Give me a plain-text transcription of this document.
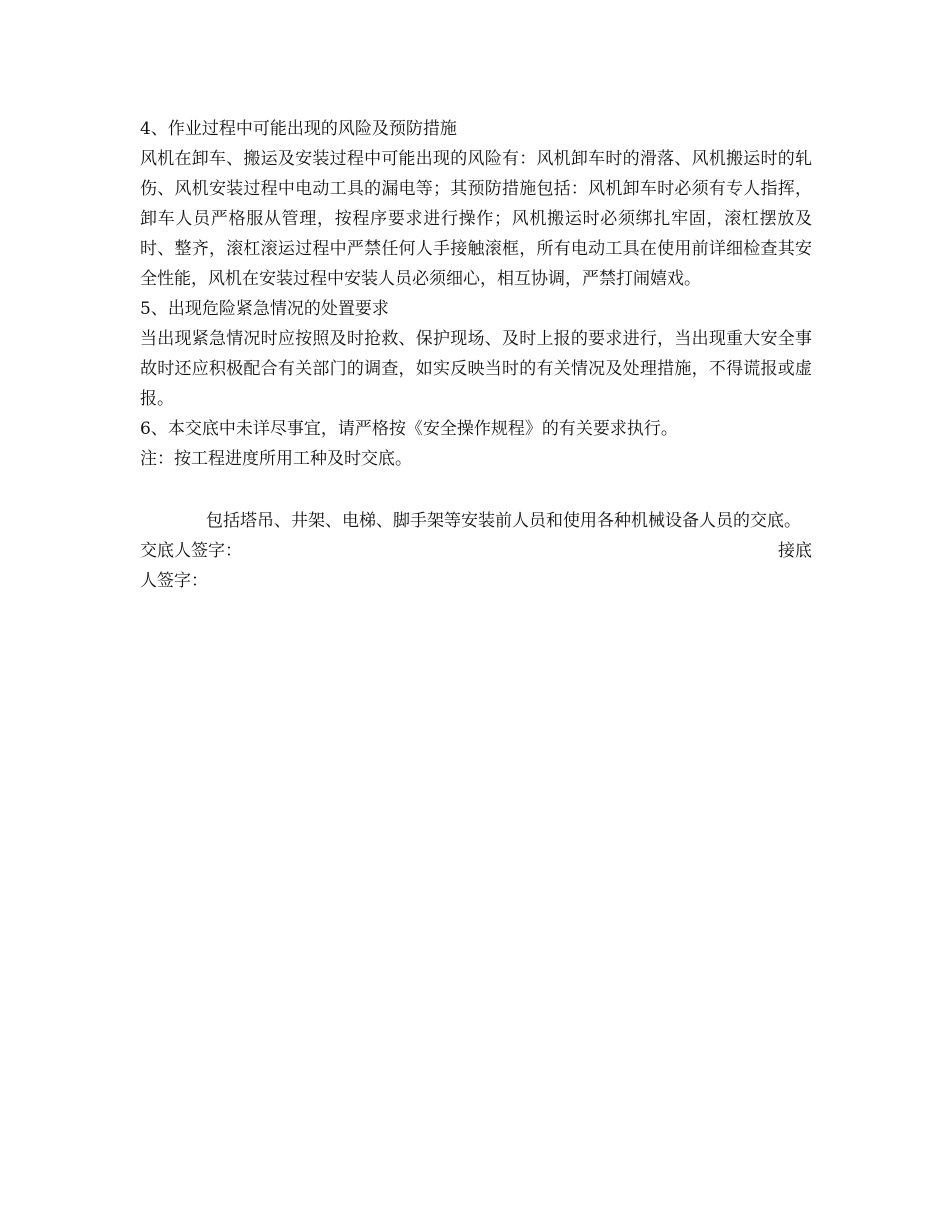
4、作业过程中可能出现的风险及预防措施

风机在卸车、搬运及安装过程中可能出现的风险有：风机卸车时的滑落、风机搬运时的轧伤、风机安装过程中电动工具的漏电等；其预防措施包括：风机卸车时必须有专人指挥，卸车人员严格服从管理，按程序要求进行操作；风机搬运时必须绑扎牢固，滚杠摆放及时、整齐，滚杠滚运过程中严禁任何人手接触滚框，所有电动工具在使用前详细检查其安全性能，风机在安装过程中安装人员必须细心，相互协调，严禁打闹嬉戏。

5、出现危险紧急情况的处置要求

当出现紧急情况时应按照及时抢救、保护现场、及时上报的要求进行，当出现重大安全事故时还应积极配合有关部门的调查，如实反映当时的有关情况及处理措施，不得谎报或虚报。

6、本交底中未详尽事宜，请严格按《安全操作规程》的有关要求执行。

注：按工程进度所用工种及时交底。

包括塔吊、井架、电梯、脚手架等安装前人员和使用各种机械设备人员的交底。

交底人签字：	接底

人签字：
